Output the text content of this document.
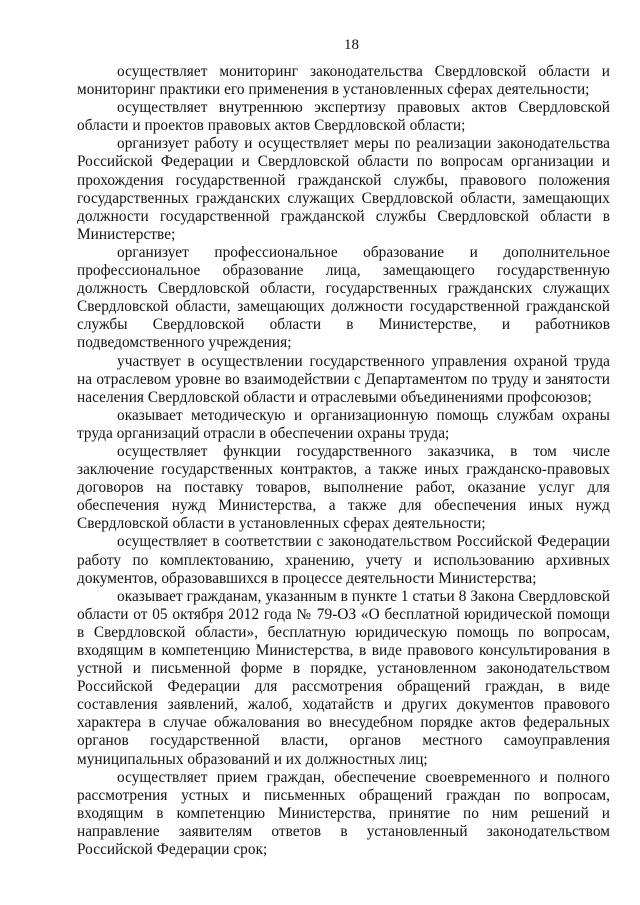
18

осуществляет мониторинг законодательства Свердловской области и мониторинг практики его применения в установленных сферах деятельности;

осуществляет внутреннюю экспертизу правовых актов Свердловской области и проектов правовых актов Свердловской области;

организует работу и осуществляет меры по реализации законодательства Российской Федерации и Свердловской области по вопросам организации и прохождения государственной гражданской службы, правового положения государственных гражданских служащих Свердловской области, замещающих должности государственной гражданской службы Свердловской области в Министерстве;

организует профессиональное образование и дополнительное профессиональное образование лица, замещающего государственную должность Свердловской области, государственных гражданских служащих Свердловской области, замещающих должности государственной гражданской службы Свердловской области в Министерстве, и работников подведомственного учреждения;

участвует в осуществлении государственного управления охраной труда на отраслевом уровне во взаимодействии с Департаментом по труду и занятости населения Свердловской области и отраслевыми объединениями профсоюзов;

оказывает методическую и организационную помощь службам охраны труда организаций отрасли в обеспечении охраны труда;

осуществляет функции государственного заказчика, в том числе заключение государственных контрактов, а также иных гражданско-правовых договоров на поставку товаров, выполнение работ, оказание услуг для обеспечения нужд Министерства, а также для обеспечения иных нужд Свердловской области в установленных сферах деятельности;

осуществляет в соответствии с законодательством Российской Федерации работу по комплектованию, хранению, учету и использованию архивных документов, образовавшихся в процессе деятельности Министерства;

оказывает гражданам, указанным в пункте 1 статьи 8 Закона Свердловской области от 05 октября 2012 года № 79-ОЗ «О бесплатной юридической помощи в Свердловской области», бесплатную юридическую помощь по вопросам, входящим в компетенцию Министерства, в виде правового консультирования в устной и письменной форме в порядке, установленном законодательством Российской Федерации для рассмотрения обращений граждан, в виде составления заявлений, жалоб, ходатайств и других документов правового характера в случае обжалования во внесудебном порядке актов федеральных органов государственной власти, органов местного самоуправления муниципальных образований и их должностных лиц;

осуществляет прием граждан, обеспечение своевременного и полного рассмотрения устных и письменных обращений граждан по вопросам, входящим в компетенцию Министерства, принятие по ним решений и направление заявителям ответов в установленный законодательством Российской Федерации срок;
